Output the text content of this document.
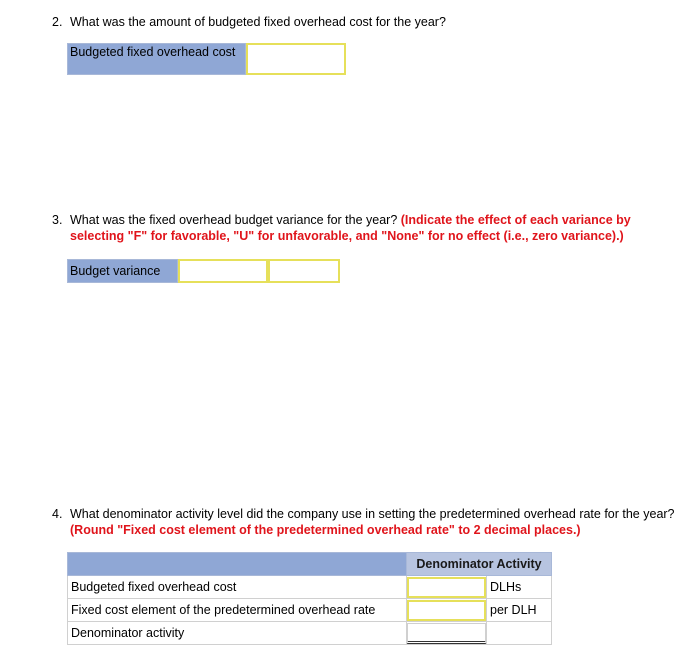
2. What was the amount of budgeted fixed overhead cost for the year?
Budgeted fixed overhead cost
3. What was the fixed overhead budget variance for the year? (Indicate the effect of each variance by selecting "F" for favorable, "U" for unfavorable, and "None" for no effect (i.e., zero variance).)
Budget variance
4. What denominator activity level did the company use in setting the predetermined overhead rate for the year? (Round "Fixed cost element of the predetermined overhead rate" to 2 decimal places.)
	Denominator Activity	
Budgeted fixed overhead cost		DLHs
Fixed cost element of the predetermined overhead rate		per DLH
Denominator activity		
